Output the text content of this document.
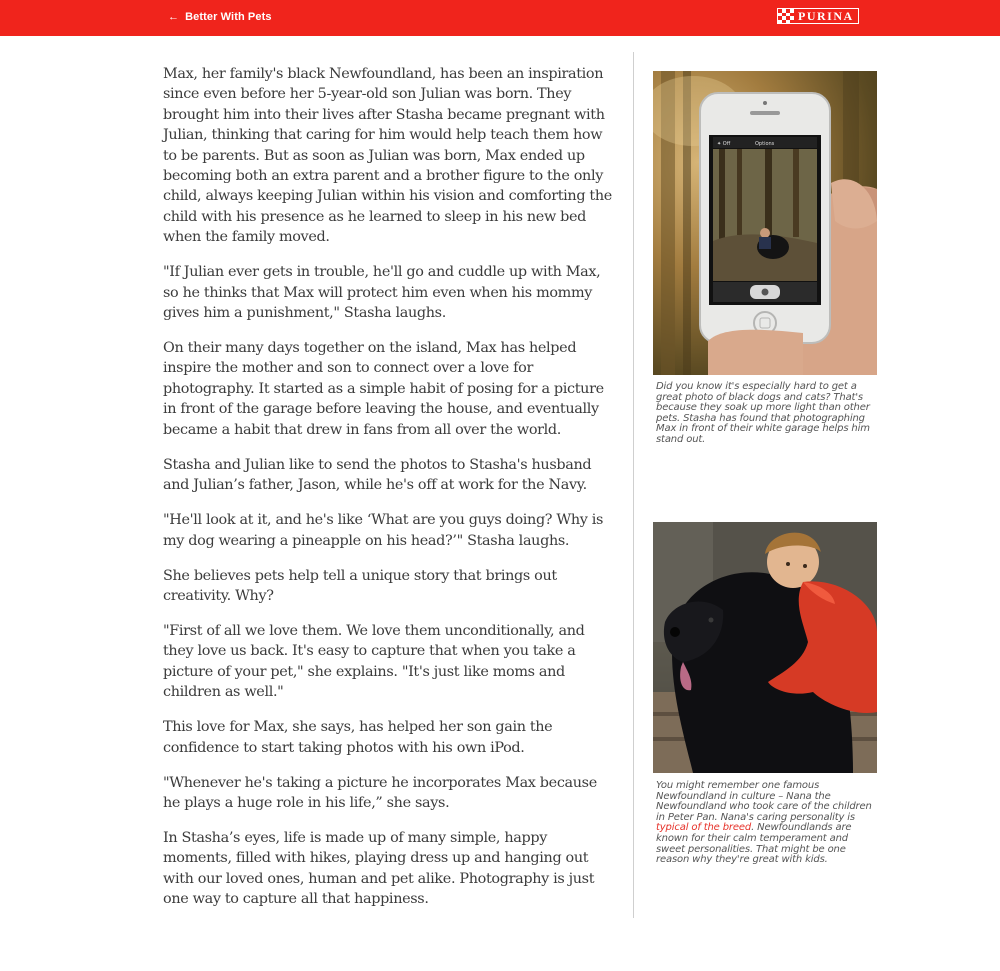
← Better With Pets	PURINA

Max, her family's black Newfoundland, has been an inspiration since even before her 5-year-old son Julian was born. They brought him into their lives after Stasha became pregnant with Julian, thinking that caring for him would help teach them how to be parents. But as soon as Julian was born, Max ended up becoming both an extra parent and a brother figure to the only child, always keeping Julian within his vision and comforting the child with his presence as he learned to sleep in his new bed when the family moved.

"If Julian ever gets in trouble, he'll go and cuddle up with Max, so he thinks that Max will protect him even when his mommy gives him a punishment," Stasha laughs.

On their many days together on the island, Max has helped inspire the mother and son to connect over a love for photography. It started as a simple habit of posing for a picture in front of the garage before leaving the house, and eventually became a habit that drew in fans from all over the world.

Stasha and Julian like to send the photos to Stasha's husband and Julian’s father, Jason, while he's off at work for the Navy.

"He'll look at it, and he's like ‘What are you guys doing? Why is my dog wearing a pineapple on his head?’" Stasha laughs.

She believes pets help tell a unique story that brings out creativity. Why?

"First of all we love them. We love them unconditionally, and they love us back. It's easy to capture that when you take a picture of your pet," she explains. "It's just like moms and children as well."

This love for Max, she says, has helped her son gain the confidence to start taking photos with his own iPod.

"Whenever he's taking a picture he incorporates Max because he plays a huge role in his life,” she says.

In Stasha’s eyes, life is made up of many simple, happy moments, filled with hikes, playing dress up and hanging out with our loved ones, human and pet alike. Photography is just one way to capture all that happiness.

✦ Off	Options
Did you know it's especially hard to get a great photo of black dogs and cats? That's because they soak up more light than other pets. Stasha has found that photographing Max in front of their white garage helps him stand out.
You might remember one famous Newfoundland in culture – Nana the Newfoundland who took care of the children in Peter Pan. Nana's caring personality is typical of the breed. Newfoundlands are known for their calm temperament and sweet personalities. That might be one reason why they're great with kids.
